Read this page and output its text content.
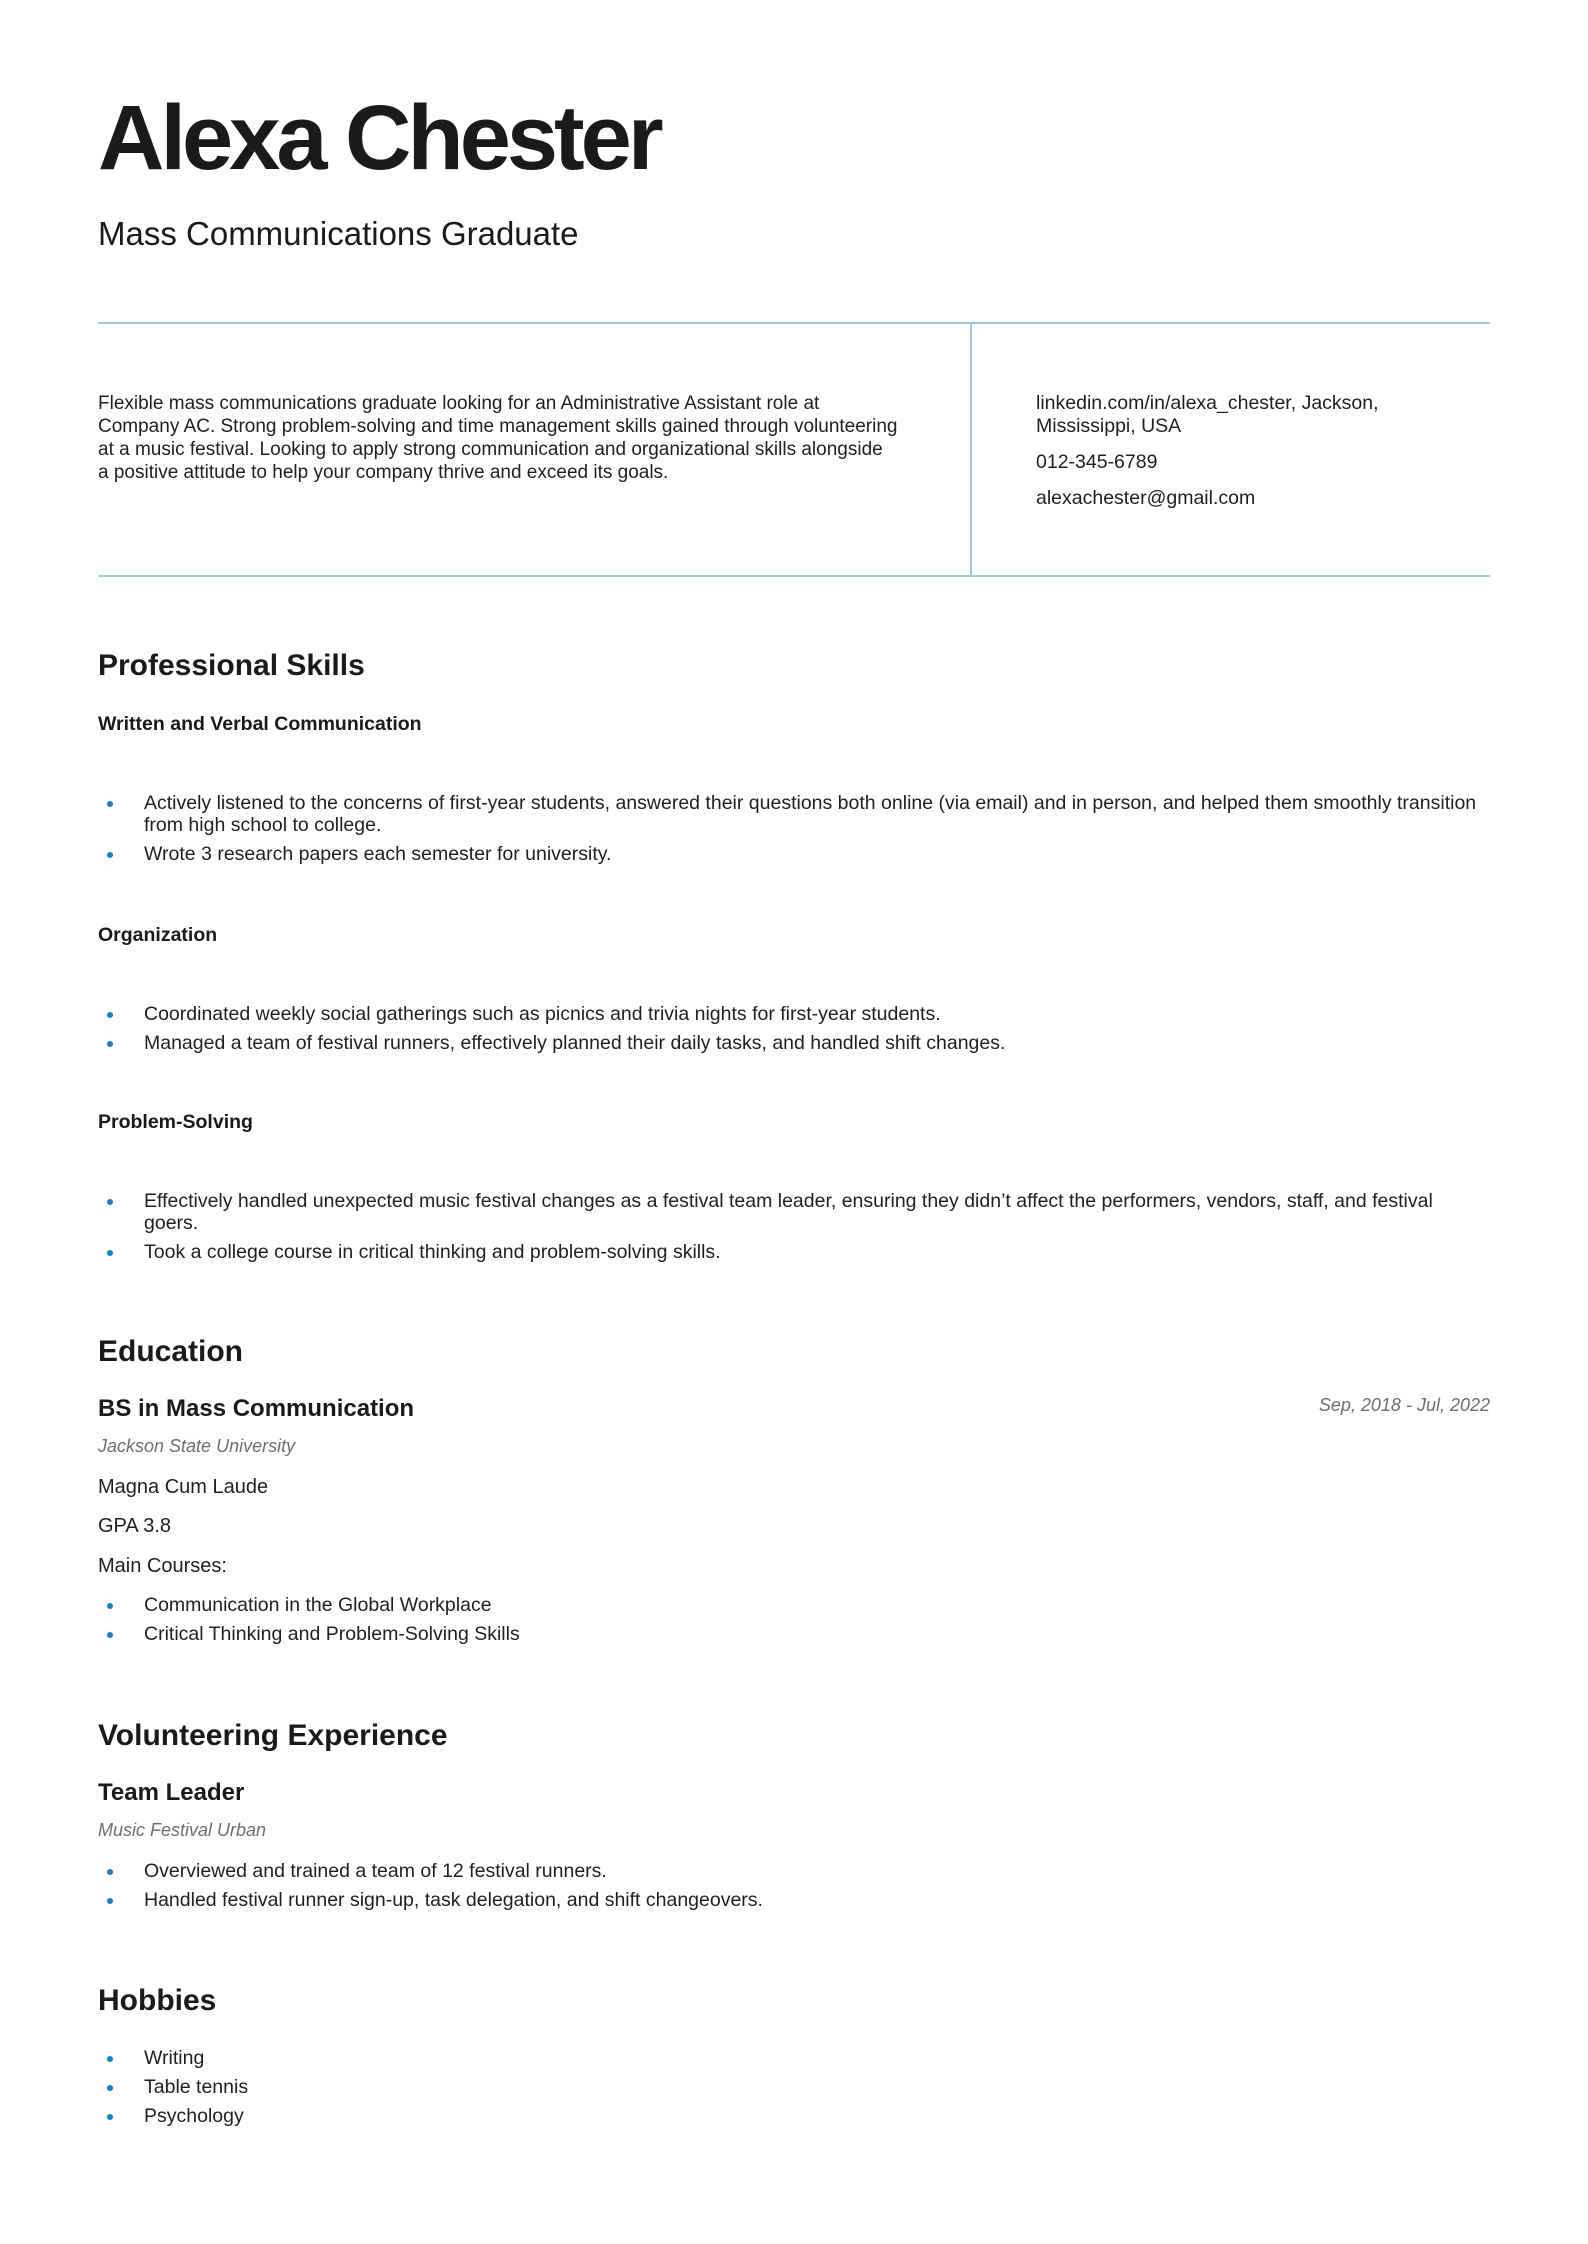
Alexa Chester
Mass Communications Graduate

Flexible mass communications graduate looking for an Administrative Assistant role at Company AC. Strong problem-solving and time management skills gained through volunteering at a music festival. Looking to apply strong communication and organizational skills alongside a positive attitude to help your company thrive and exceed its goals.

linkedin.com/in/alexa_chester, Jackson, Mississippi, USA
012-345-6789
alexachester@gmail.com
Professional Skills
Written and Verbal Communication
Actively listened to the concerns of first-year students, answered their questions both online (via email) and in person, and helped them smoothly transition from high school to college.
Wrote 3 research papers each semester for university.
Organization
Coordinated weekly social gatherings such as picnics and trivia nights for first-year students.
Managed a team of festival runners, effectively planned their daily tasks, and handled shift changes.
Problem-Solving
Effectively handled unexpected music festival changes as a festival team leader, ensuring they didn’t affect the performers, vendors, staff, and festival goers.
Took a college course in critical thinking and problem-solving skills.
Education
BS in Mass Communication	Sep, 2018 - Jul, 2022

Jackson State University

Magna Cum Laude

GPA 3.8

Main Courses:

Communication in the Global Workplace
Critical Thinking and Problem-Solving Skills
Volunteering Experience
Team Leader

Music Festival Urban

Overviewed and trained a team of 12 festival runners.
Handled festival runner sign-up, task delegation, and shift changeovers.
Hobbies
Writing
Table tennis
Psychology
